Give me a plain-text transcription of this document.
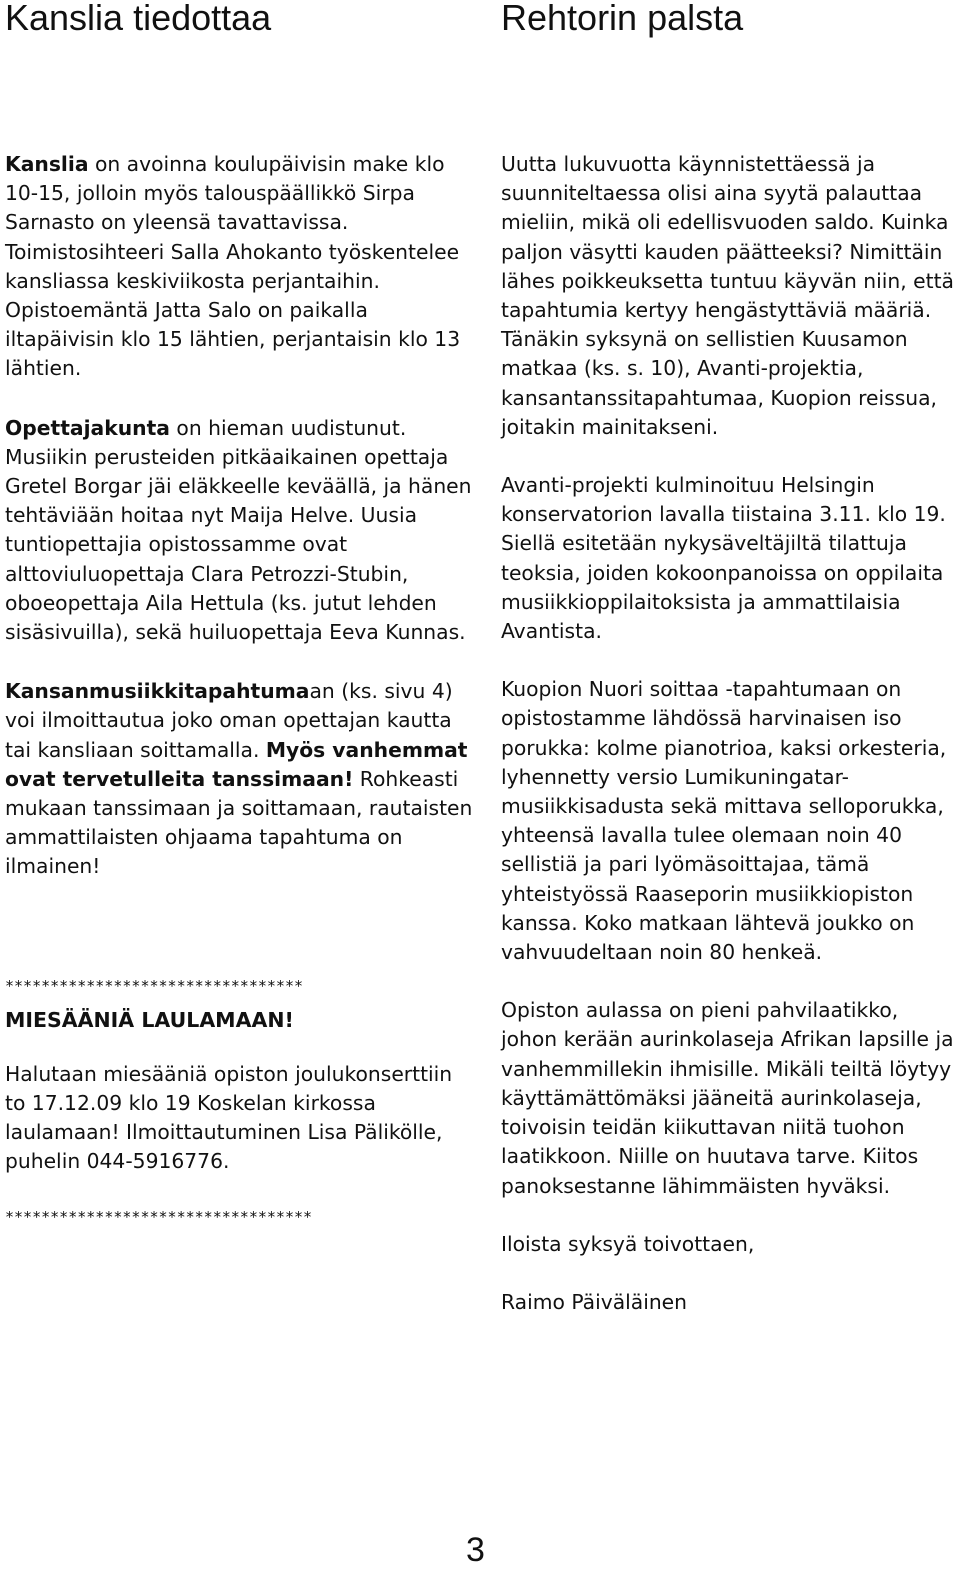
Kanslia tiedottaa

Kanslia on avoinna koulupäivisin make klo 10-15, jolloin myös talouspäällikkö Sirpa Sarnasto on yleensä tavattavissa. Toimistosihteeri Salla Ahokanto työskentelee kansliassa keskiviikosta perjantaihin. Opistoemäntä Jatta Salo on paikalla iltapäivisin klo 15 lähtien, perjantaisin klo 13 lähtien.

Opettajakunta on hieman uudistunut. Musiikin perusteiden pitkäaikainen opettaja Gretel Borgar jäi eläkkeelle keväällä, ja hänen tehtäviään hoitaa nyt Maija Helve. Uusia tuntiopettajia opistossamme ovat alttoviuluopettaja Clara Petrozzi-Stubin, oboeopettaja Aila Hettula (ks. jutut lehden sisäsivuilla), sekä huiluopettaja Eeva Kunnas.

Kansanmusiikkitapahtumaan (ks. sivu 4) voi ilmoittautua joko oman opettajan kautta tai kansliaan soittamalla. Myös vanhemmat ovat tervetulleita tanssimaan! Rohkeasti mukaan tanssimaan ja soittamaan, rautaisten ammattilaisten ohjaama tapahtuma on ilmainen!

*********************************

MIESÄÄNIÄ LAULAMAAN!

Halutaan miesääniä opiston joulukonserttiin to 17.12.09 klo 19 Koskelan kirkossa laulamaan! Ilmoittautuminen Lisa Pälikölle, puhelin 044-5916776.

**********************************

Rehtorin palsta

Uutta lukuvuotta käynnistettäessä ja suunniteltaessa olisi aina syytä palauttaa mieliin, mikä oli edellisvuoden saldo. Kuinka paljon väsytti kauden päätteeksi? Nimittäin lähes poikkeuksetta tuntuu käyvän niin, että tapahtumia kertyy hengästyttäviä määriä. Tänäkin syksynä on sellistien Kuusamon matkaa (ks. s. 10), Avanti-projektia, kansantanssitapahtumaa, Kuopion reissua, joitakin mainitakseni.

Avanti-projekti kulminoituu Helsingin konservatorion lavalla tiistaina 3.11. klo 19. Siellä esitetään nykysäveltäjiltä tilattuja teoksia, joiden kokoonpanoissa on oppilaita musiikkioppilaitoksista ja ammattilaisia Avantista.

Kuopion Nuori soittaa -tapahtumaan on opistostamme lähdössä harvinaisen iso porukka: kolme pianotrioa, kaksi orkesteria, lyhennetty versio Lumikuningatar-musiikkisadusta sekä mittava selloporukka, yhteensä lavalla tulee olemaan noin 40 sellistiä ja pari lyömäsoittajaa, tämä yhteistyössä Raaseporin musiikkiopiston kanssa. Koko matkaan lähtevä joukko on vahvuudeltaan noin 80 henkeä.

Opiston aulassa on pieni pahvilaatikko, johon kerään aurinkolaseja Afrikan lapsille ja vanhemmillekin ihmisille. Mikäli teiltä löytyy käyttämättömäksi jääneitä aurinkolaseja, toivoisin teidän kiikuttavan niitä tuohon laatikkoon. Niille on huutava tarve. Kiitos panoksestanne lähimmäisten hyväksi.

Iloista syksyä toivottaen,

Raimo Päiväläinen

3
